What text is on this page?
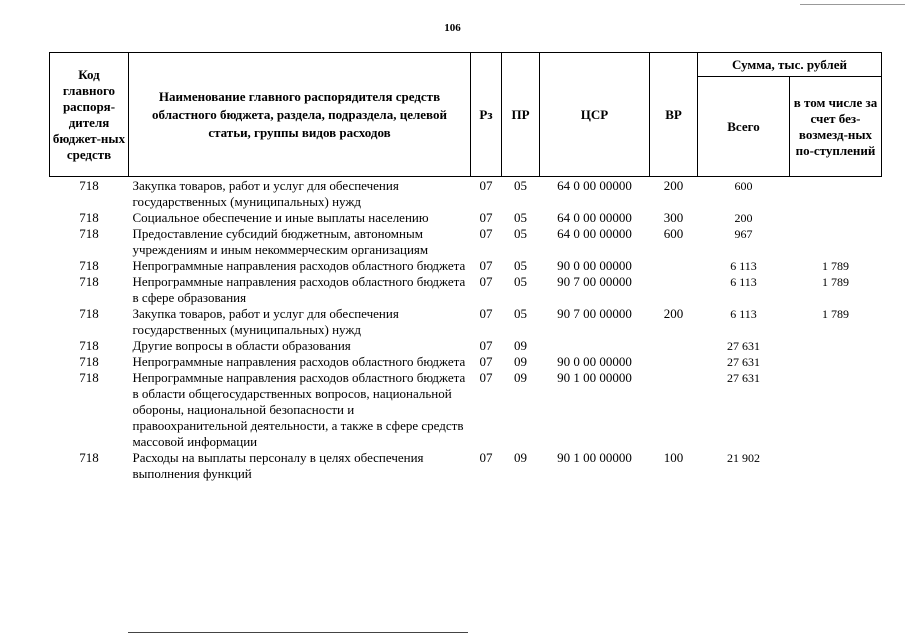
106
Код главного распоря-дителя бюджет-ных средств	Наименование главного распорядителя средств областного бюджета, раздела, подраздела, целевой статьи, группы видов расходов	Рз	ПР	ЦСР	ВР	Сумма, тыс. рублей	
						Всего	в том числе за счет без-возмезд-ных по-ступлений
718	Закупка товаров, работ и услуг для обеспечения государственных (муниципальных) нужд	07	05	64 0 00 00000	200	600	
718	Социальное обеспечение и иные выплаты населению	07	05	64 0 00 00000	300	200	
718	Предоставление субсидий бюджетным, автономным учреждениям и иным некоммерческим организациям	07	05	64 0 00 00000	600	967	
718	Непрограммные направления расходов областного бюджета	07	05	90 0 00 00000		6 113	1 789
718	Непрограммные направления расходов областного бюджета в сфере образования	07	05	90 7 00 00000		6 113	1 789
718	Закупка товаров, работ и услуг для обеспечения государственных (муниципальных) нужд	07	05	90 7 00 00000	200	6 113	1 789
718	Другие вопросы в области образования	07	09			27 631	
718	Непрограммные направления расходов областного бюджета	07	09	90 0 00 00000		27 631	
718	Непрограммные направления расходов областного бюджета в области общегосударственных вопросов, национальной обороны, национальной безопасности и правоохранительной деятельности, а также в сфере средств массовой информации	07	09	90 1 00 00000		27 631	
718	Расходы на выплаты персоналу в целях обеспечения выполнения функций	07	09	90 1 00 00000	100	21 902	
